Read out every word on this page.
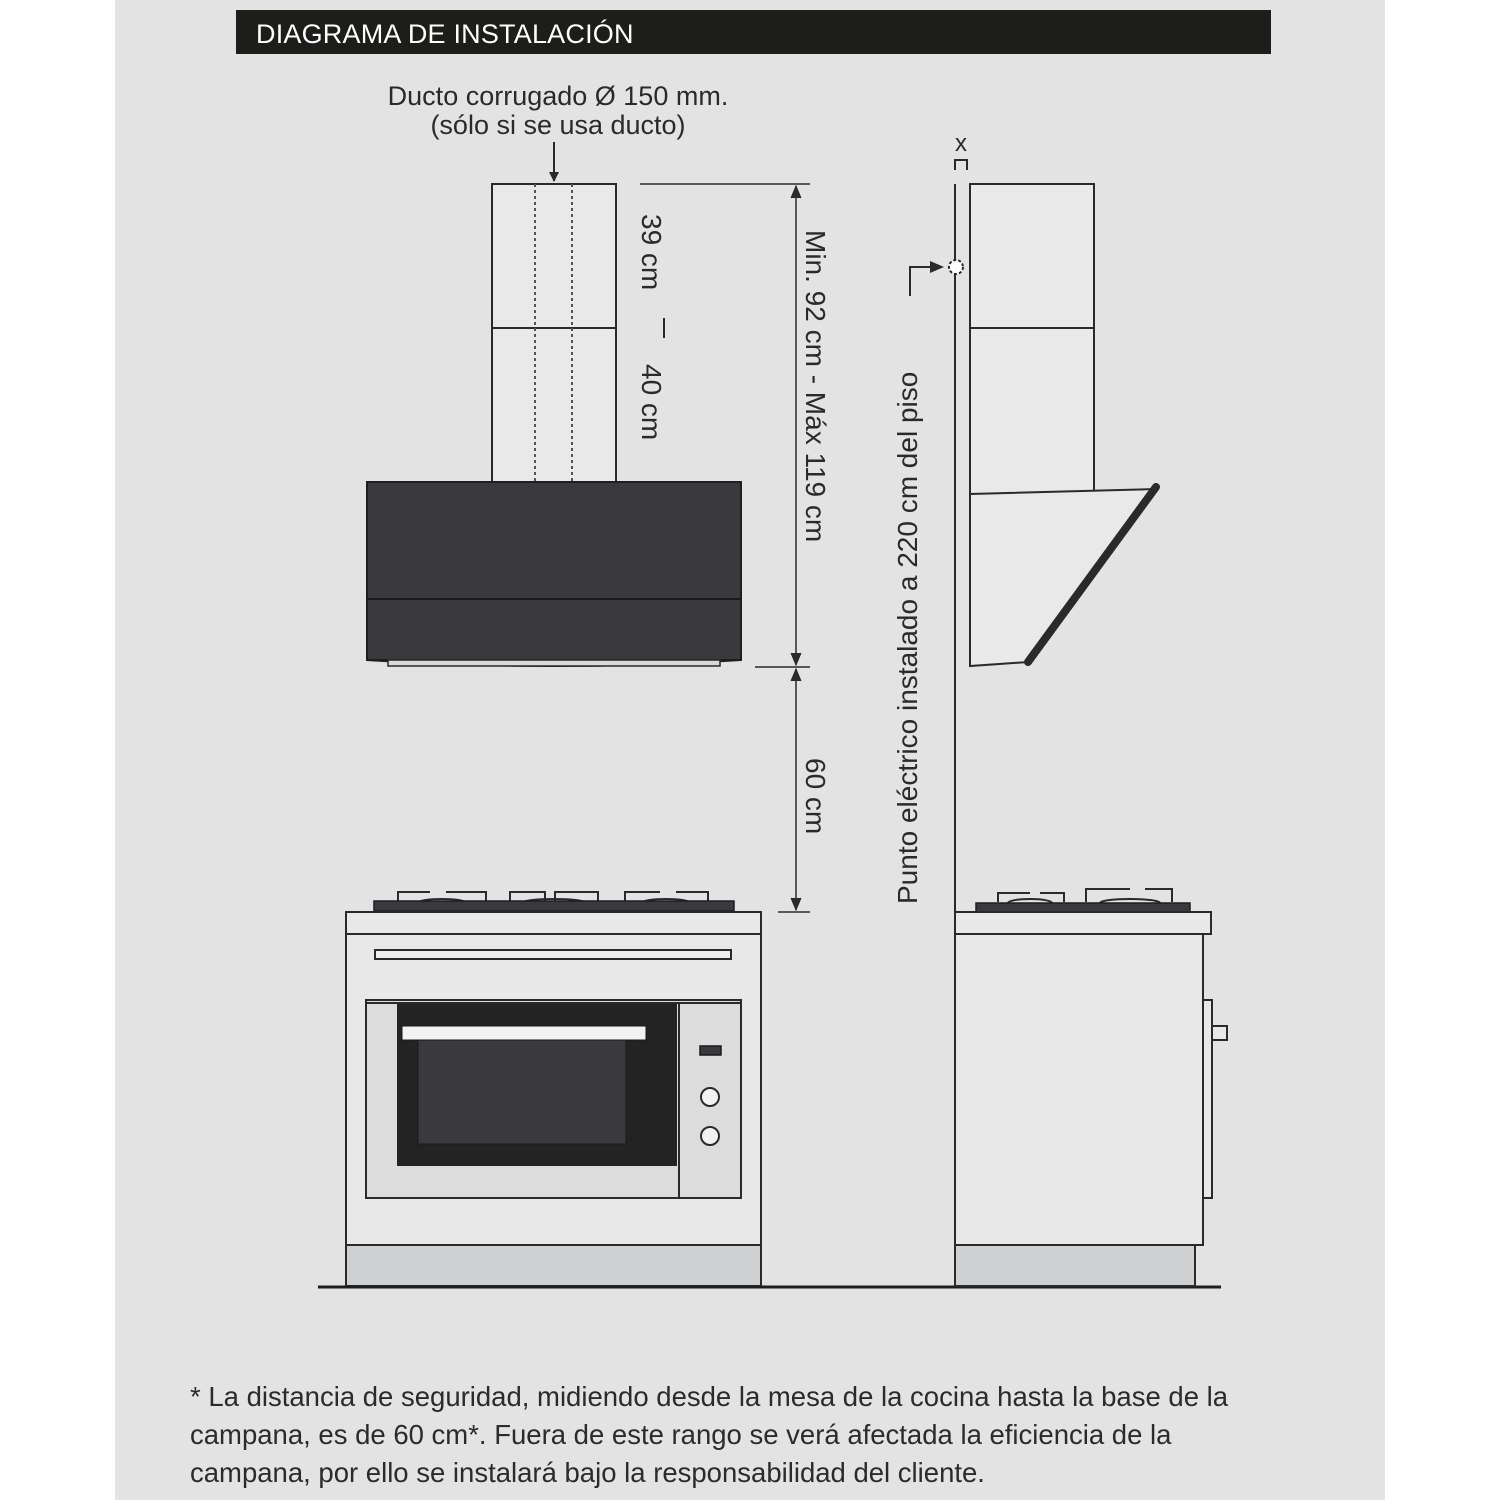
DIAGRAMA DE INSTALACIÓN
Ducto corrugado Ø 150 mm.
(sólo si se usa ducto)
39 cm
40 cm	Min. 92 cm - Máx 119 cm
60 cm
x
Punto eléctrico instalado a 220 cm del piso
* La distancia de seguridad, midiendo desde la mesa de la cocina hasta la base de la
campana, es de 60 cm*. Fuera de este rango se verá afectada la eficiencia de la
campana, por ello se instalará bajo la responsabilidad del cliente.
